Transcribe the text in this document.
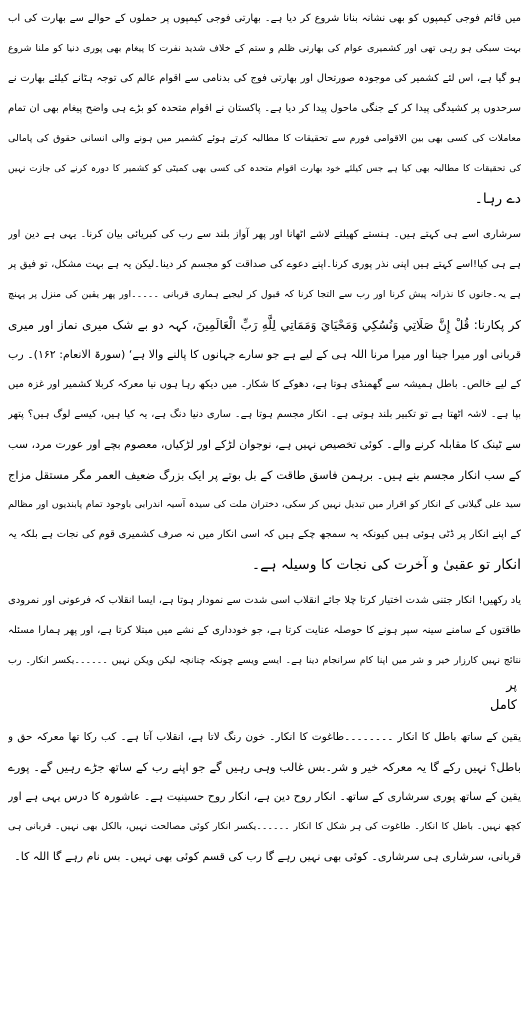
میں قائم فوجی کیمپوں کو بھی نشانہ بنانا شروع کر دیا ہے۔ بھارتی فوجی کیمپوں پر حملوں کے حوالے سے بھارت کی اب
بہت سبکی ہو رہی تھی اور کشمیری عوام کی بھارتی ظلم و ستم کے خلاف شدید نفرت کا پیغام بھی پوری دنیا کو ملنا شروع
ہو گیا ہے، اس لئے کشمیر کی موجودہ صورتحال اور بھارتی فوج کی بدنامی سے اقوام عالم کی توجہ ہٹانے کیلئے بھارت نے
سرحدوں پر کشیدگی پیدا کر کے جنگی ماحول پیدا کر دیا ہے۔ پاکستان نے اقوام متحدہ کو بڑے ہی واضح پیغام بھی ان تمام
معاملات کی کسی بھی بین الاقوامی فورم سے تحقیقات کا مطالبہ کرتے ہوئے کشمیر میں ہونے والی انسانی حقوق کی پامالی
کی تحقیقات کا مطالبہ بھی کیا ہے جس کیلئے خود بھارت اقوام متحدہ کی کسی بھی کمیٹی کو کشمیر کا دورہ کرنے کی جازت نہیں
دے رہا۔
سرشاری اسے ہی کہتے ہیں۔ ہنستے کھیلتے لاشے اٹھانا اور پھر آواز بلند سے رب کی کبریائی بیان کرنا۔ یہی ہے دین اور
ہے ہی کیا!اسے کہتے ہیں اپنی نذر پوری کرنا۔اپنے دعوے کی صداقت کو مجسم کر دینا۔لیکن یہ ہے بہت مشکل، تو فیق پر
ہے یہ۔جانوں کا نذرانہ پیش کرنا اور رب سے التجا کرنا کہ قبول کر لیجیے ہماری قربانی ۔۔۔۔۔اور پھر یقین کی منزل پر پہنچ
کر پکارنا: قُلْ إِنَّ صَلَاتِي وَنُسُكِي وَمَحْيَايَ وَمَمَاتِي لِلَّهِ رَبِّ الْعَالَمِينَ، کہہ دو بے شک میری نماز اور میری
قربانی اور میرا جینا اور میرا مرنا اللہ ہی کے لیے ہے جو سارے جہانوں کا پالنے والا ہے‘ (سورۃ الانعام: ۱۶۲)۔ رب
کے لیے خالص۔ باطل ہمیشہ سے گھمنڈی ہوتا ہے، دھوکے کا شکار۔ میں دیکھ رہا ہوں نیا معرکہ کربلا کشمیر اور غزہ میں
بپا ہے۔ لاشہ اٹھتا ہے تو تکبیر بلند ہوتی ہے۔ انکار مجسم ہوتا ہے۔ ساری دنیا دنگ ہے، یہ کیا ہیں، کیسے لوگ ہیں؟ پتھر
سے ٹینک کا مقابلہ کرنے والے۔ کوئی تخصیص نہیں ہے، نوجوان لڑکے اور لڑکیاں، معصوم بچے اور عورت مرد، سب
کے سب انکار مجسم بنے ہیں۔ برہمن فاسق طاقت کے بل بوتے پر ایک بزرگ ضعیف العمر مگر مستقل مزاج
سید علی گیلانی کے انکار کو اقرار میں تبدیل نہیں کر سکی، دختران ملت کی سیدہ آسیہ اندرابی باوجود تمام پابندیوں اور مظالم
کے اپنے انکار پر ڈٹی ہوئی ہیں کیونکہ یہ سمجھ چکے ہیں کہ اسی انکار میں نہ صرف کشمیری قوم کی نجات ہے بلکہ یہ
انکار تو عقبیٰ و آخرت کی نجات کا وسیلہ ہے۔
یاد رکھیں! انکار جتنی شدت اختیار کرتا چلا جائے انقلاب اسی شدت سے نمودار ہوتا ہے، ایسا انقلاب کہ فرعونی اور نمرودی
طاقتوں کے سامنے سینہ سپر ہونے کا حوصلہ عنایت کرتا ہے، جو خودداری کے نشے میں مبتلا کرتا ہے، اور پھر ہمارا مسئلہ
نتائج نہیں کارزار خیر و شر میں اپنا کام سرانجام دینا ہے۔ ایسے ویسے چونکہ چنانچہ لیکن ویکن نہیں ۔۔۔۔۔۔یکسر انکار۔ رب
پر
کامل
یقین کے ساتھ باطل کا انکار ۔۔۔۔۔۔۔۔طاغوت کا انکار۔ خون رنگ لاتا ہے، انقلاب آتا ہے۔ کب رکا تھا معرکہ حق و
باطل؟ نہیں رکے گا یہ معرکہ خیر و شر۔بس غالب وہی رہیں گے جو اپنے رب کے ساتھ جڑے رہیں گے۔ پورے
یقین کے ساتھ پوری سرشاری کے ساتھ۔ انکار روح دین ہے، انکار روح حسینیت ہے۔ عاشورہ کا درس یہی ہے اور
کچھ نہیں۔ باطل کا انکار۔ طاغوت کی ہر شکل کا انکار ۔۔۔۔۔۔یکسر انکار کوئی مصالحت نہیں، بالکل بھی نہیں۔ قربانی ہی
قربانی، سرشاری ہی سرشاری۔ کوئی بھی نہیں رہے گا رب کی قسم کوئی بھی نہیں۔ بس نام رہے گا اللہ کا۔
